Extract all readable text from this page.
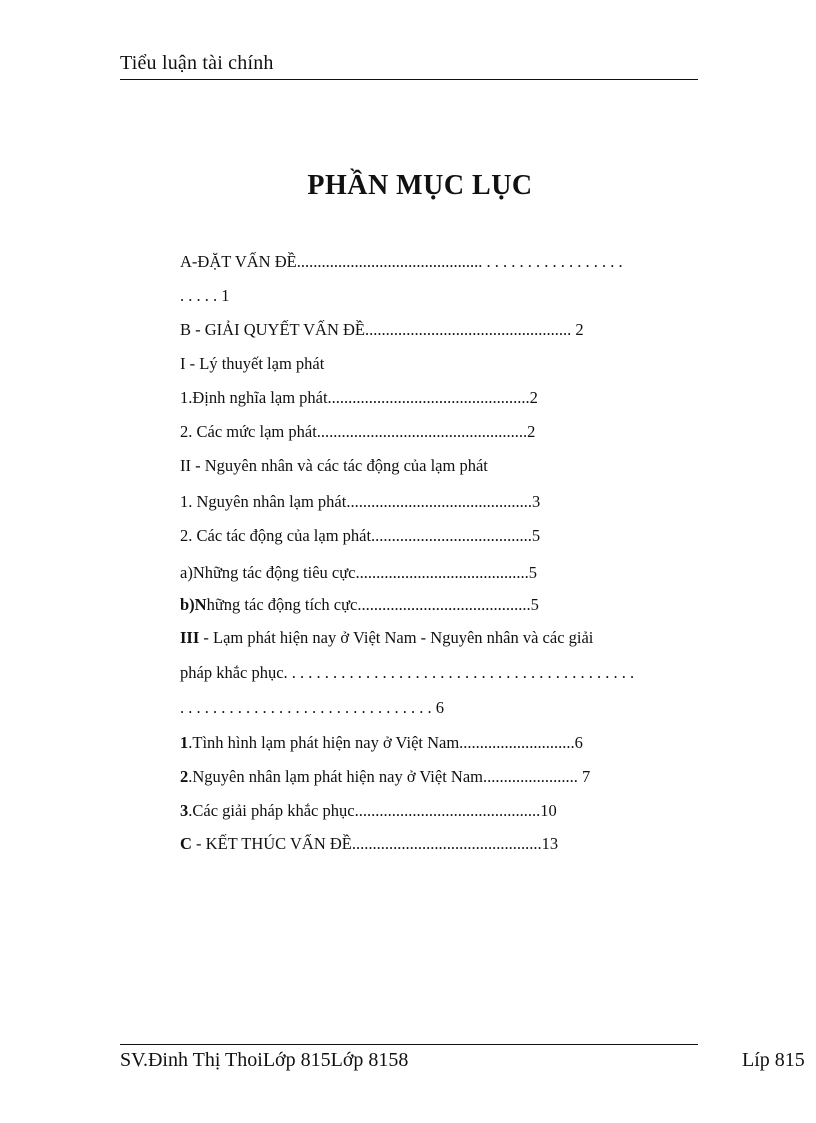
Tiểu luận tài chính
PHẦN MỤC LỤC
A-ĐẶT VẤN ĐỀ............................................. . . . . . . . . . . . . . . . . .
. . . . . 1
B - GIẢI QUYẾT VẤN ĐỀ.................................................. 2
I - Lý thuyết lạm phát
1.Định nghĩa lạm phát.................................................2
2. Các mức lạm phát...................................................2
II - Nguyên nhân và các tác động của lạm phát
1. Nguyên nhân lạm phát.............................................3
2. Các tác động của lạm phát.......................................5
a)Những tác động tiêu cực..........................................5
b)Những tác động tích cực..........................................5
III - Lạm phát hiện nay ở Việt Nam - Nguyên nhân và các giải
pháp khắc phục. . . . . . . . . . . . . . . . . . . . . . . . . . . . . . . . . . . . . . . . . . .
. . . . . . . . . . . . . . . . . . . . . . . . . . . . . . . 6
1.Tình hình lạm phát hiện nay ở Việt Nam............................6
2.Nguyên nhân lạm phát hiện nay ở Việt Nam....................... 7
3.Các giải pháp khắc phục.............................................10
C - KẾT THÚC VẤN ĐỀ..............................................13
SV.Đinh Thị ThoiLớp 815Lớp 8158	Líp 815
